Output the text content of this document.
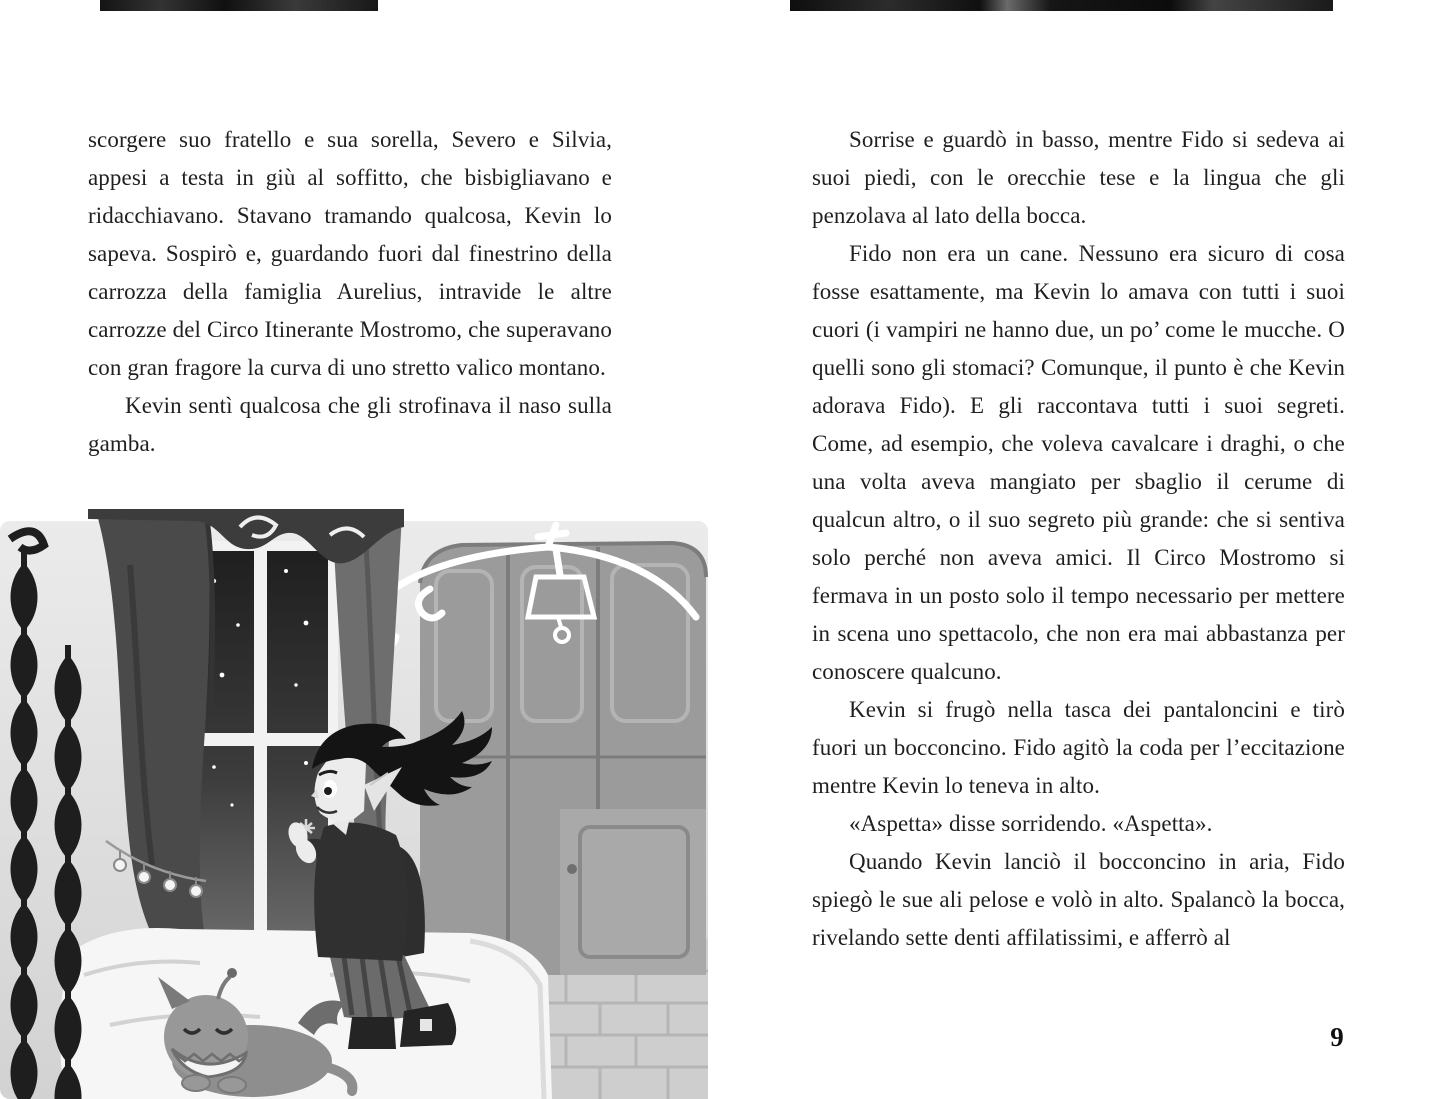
scorgere suo fratello e sua sorella, Severo e Silvia, appesi a testa in giù al soffitto, che bisbigliavano e ridacchiavano. Stavano tramando qualcosa, Kevin lo sapeva. Sospirò e, guardando fuori dal finestrino della carrozza della famiglia Aurelius, intravide le altre carrozze del Circo Itinerante Mostromo, che superavano con gran fragore la curva di uno stretto valico montano.

Kevin sentì qualcosa che gli strofinava il naso sulla gamba.

Sorrise e guardò in basso, mentre Fido si sedeva ai suoi piedi, con le orecchie tese e la lingua che gli penzolava al lato della bocca.

Fido non era un cane. Nessuno era sicuro di cosa fosse esattamente, ma Kevin lo amava con tutti i suoi cuori (i vampiri ne hanno due, un po’ come le mucche. O quelli sono gli stomaci? Comunque, il punto è che Kevin adorava Fido). E gli raccontava tutti i suoi segreti. Come, ad esempio, che voleva cavalcare i draghi, o che una volta aveva mangiato per sbaglio il cerume di qualcun altro, o il suo segreto più grande: che si sentiva solo perché non aveva amici. Il Circo Mostromo si fermava in un posto solo il tempo necessario per mettere in scena uno spettacolo, che non era mai abbastanza per conoscere qualcuno.

Kevin si frugò nella tasca dei pantaloncini e tirò fuori un bocconcino. Fido agitò la coda per l’eccitazione mentre Kevin lo teneva in alto.

«Aspetta» disse sorridendo. «Aspetta».

Quando Kevin lanciò il bocconcino in aria, Fido spiegò le sue ali pelose e volò in alto. Spalancò la bocca, rivelando sette denti affilatissimi, e afferrò al

9
